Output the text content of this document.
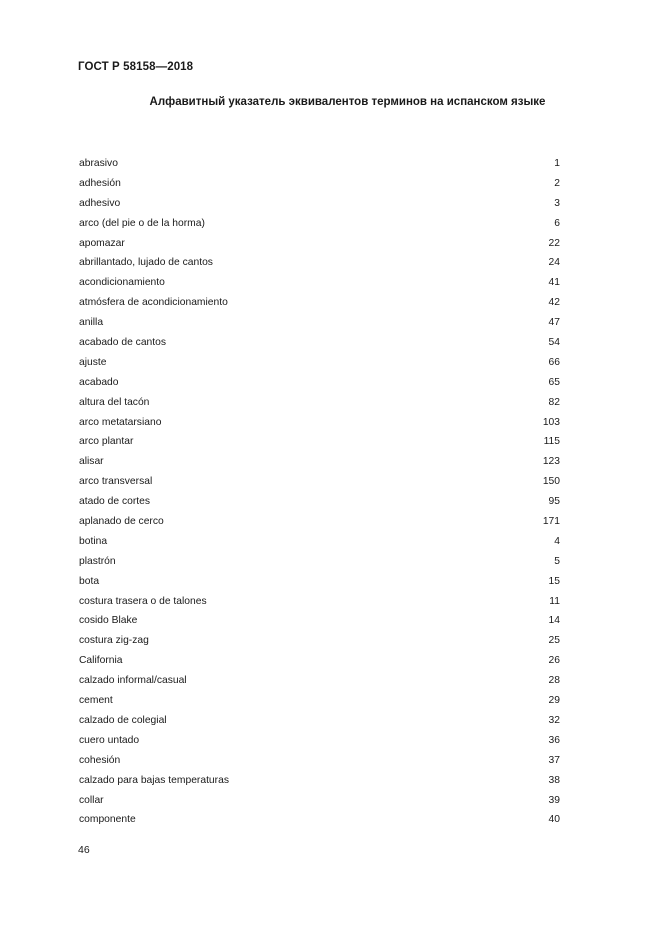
ГОСТ Р 58158—2018
Алфавитный указатель эквивалентов терминов на испанском языке
abrasivo	1
adhesión	2
adhesivo	3
arco (del pie o de la horma)	6
apomazar	22
abrillantado, lujado de cantos	24
acondicionamiento	41
atmósfera de acondicionamiento	42
anilla	47
acabado de cantos	54
ajuste	66
acabado	65
altura del tacón	82
arco metatarsiano	103
arco plantar	115
alisar	123
arco transversal	150
atado de cortes	95
aplanado de cerco	171
botina	4
plastrón	5
bota	15
costura trasera o de talones	11
cosido Blake	14
costura zig-zag	25
California	26
calzado informal/casual	28
cement	29
calzado de colegial	32
cuero untado	36
cohesión	37
calzado para bajas temperaturas	38
collar	39
componente	40
46
